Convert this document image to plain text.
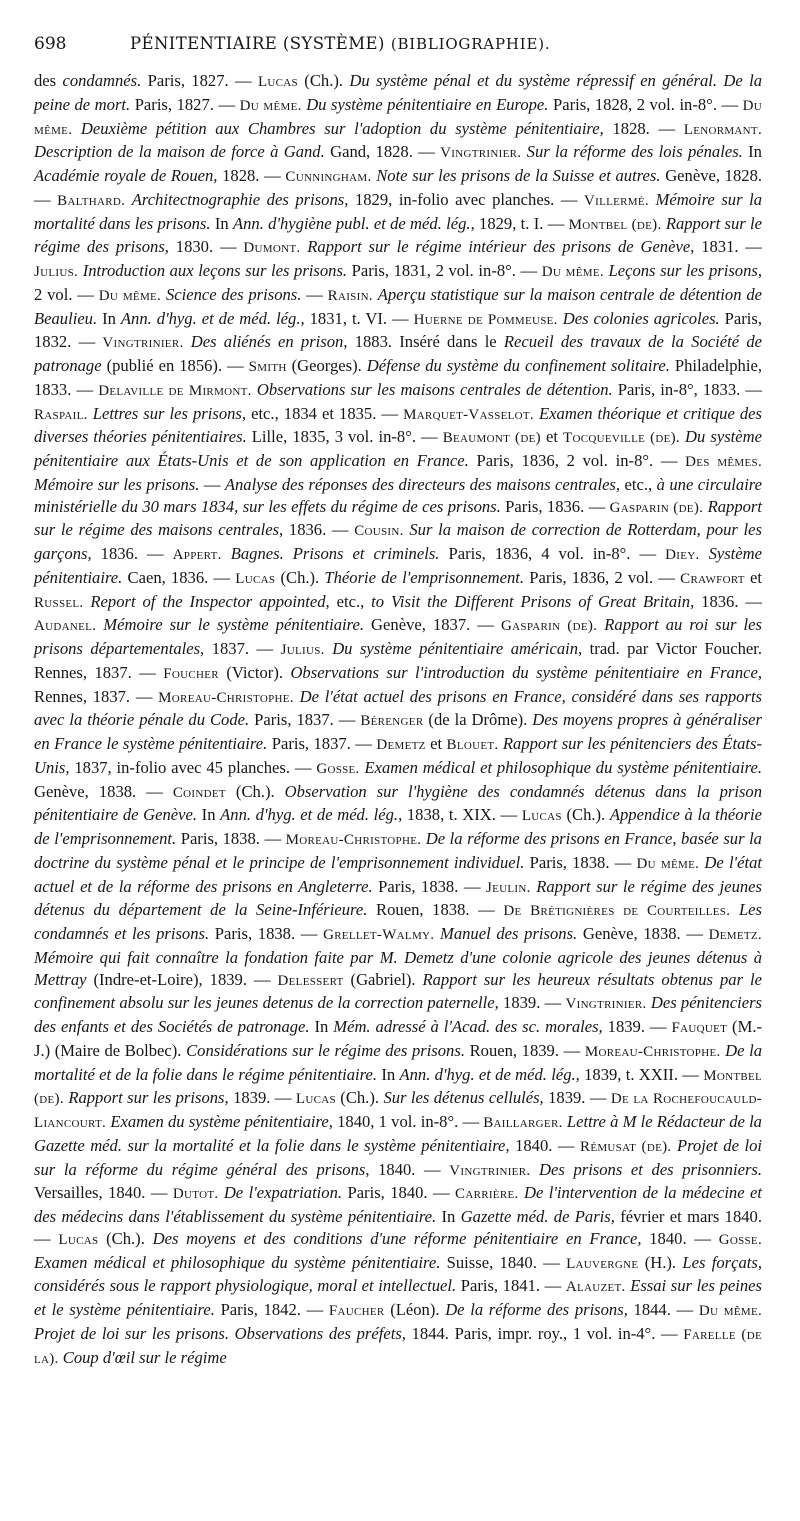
698	PÉNITENTIAIRE (SYSTÈME) (BIBLIOGRAPHIE).

des condamnés. Paris, 1827. — Lucas (Ch.). Du système pénal et du système répressif en général. De la peine de mort. Paris, 1827. — Du même. Du système pénitentiaire en Europe. Paris, 1828, 2 vol. in-8°. — Du même. Deuxième pétition aux Chambres sur l'adoption du système pénitentiaire, 1828. — Lenormant. Description de la maison de force à Gand. Gand, 1828. — Vingtrinier. Sur la réforme des lois pénales. In Académie royale de Rouen, 1828. — Cunningham. Note sur les prisons de la Suisse et autres. Genève, 1828. — Balthard. Architectnographie des prisons, 1829, in-folio avec planches. — Villermé. Mémoire sur la mortalité dans les prisons. In Ann. d'hygiène publ. et de méd. lég., 1829, t. I. — Montbel (de). Rapport sur le régime des prisons, 1830. — Dumont. Rapport sur le régime intérieur des prisons de Genève, 1831. — Julius. Introduction aux leçons sur les prisons. Paris, 1831, 2 vol. in-8°. — Du même. Leçons sur les prisons, 2 vol. — Du même. Science des prisons. — Raisin. Aperçu statistique sur la maison centrale de détention de Beaulieu. In Ann. d'hyg. et de méd. lég., 1831, t. VI. — Huerne de Pommeuse. Des colonies agricoles. Paris, 1832. — Vingtrinier. Des aliénés en prison, 1883. Inséré dans le Recueil des travaux de la Société de patronage (publié en 1856). — Smith (Georges). Défense du système du confinement solitaire. Philadelphie, 1833. — Delaville de Mirmont. Observations sur les maisons centrales de détention. Paris, in-8°, 1833. — Raspail. Lettres sur les prisons, etc., 1834 et 1835. — Marquet-Vasselot. Examen théorique et critique des diverses théories pénitentiaires. Lille, 1835, 3 vol. in-8°. — Beaumont (de) et Tocqueville (de). Du système pénitentiaire aux États-Unis et de son application en France. Paris, 1836, 2 vol. in-8°. — Des mêmes. Mémoire sur les prisons. — Analyse des réponses des directeurs des maisons centrales, etc., à une circulaire ministérielle du 30 mars 1834, sur les effets du régime de ces prisons. Paris, 1836. — Gasparin (de). Rapport sur le régime des maisons centrales, 1836. — Cousin. Sur la maison de correction de Rotterdam, pour les garçons, 1836. — Appert. Bagnes. Prisons et criminels. Paris, 1836, 4 vol. in-8°. — Diey. Système pénitentiaire. Caen, 1836. — Lucas (Ch.). Théorie de l'emprisonnement. Paris, 1836, 2 vol. — Crawfort et Russel. Report of the Inspector appointed, etc., to Visit the Different Prisons of Great Britain, 1836. — Audanel. Mémoire sur le système pénitentiaire. Genève, 1837. — Gasparin (de). Rapport au roi sur les prisons départementales, 1837. — Julius. Du système pénitentiaire américain, trad. par Victor Foucher. Rennes, 1837. — Foucher (Victor). Observations sur l'introduction du système pénitentiaire en France, Rennes, 1837. — Moreau-Christophe. De l'état actuel des prisons en France, considéré dans ses rapports avec la théorie pénale du Code. Paris, 1837. — Bérenger (de la Drôme). Des moyens propres à généraliser en France le système pénitentiaire. Paris, 1837. — Demetz et Blouet. Rapport sur les pénitenciers des États-Unis, 1837, in-folio avec 45 planches. — Gosse. Examen médical et philosophique du système pénitentiaire. Genève, 1838. — Coindet (Ch.). Observation sur l'hygiène des condamnés détenus dans la prison pénitentiaire de Genève. In Ann. d'hyg. et de méd. lég., 1838, t. XIX. — Lucas (Ch.). Appendice à la théorie de l'emprisonnement. Paris, 1838. — Moreau-Christophe. De la réforme des prisons en France, basée sur la doctrine du système pénal et le principe de l'emprisonnement individuel. Paris, 1838. — Du même. De l'état actuel et de la réforme des prisons en Angleterre. Paris, 1838. — Jeulin. Rapport sur le régime des jeunes détenus du département de la Seine-Inférieure. Rouen, 1838. — De Brétignières de Courteilles. Les condamnés et les prisons. Paris, 1838. — Grellet-Walmy. Manuel des prisons. Genève, 1838. — Demetz. Mémoire qui fait connaître la fondation faite par M. Demetz d'une colonie agricole des jeunes détenus à Mettray (Indre-et-Loire), 1839. — Delessert (Gabriel). Rapport sur les heureux résultats obtenus par le confinement absolu sur les jeunes detenus de la correction paternelle, 1839. — Vingtrinier. Des pénitenciers des enfants et des Sociétés de patronage. In Mém. adressé à l'Acad. des sc. morales, 1839. — Fauquet (M.-J.) (Maire de Bolbec). Considérations sur le régime des prisons. Rouen, 1839. — Moreau-Christophe. De la mortalité et de la folie dans le régime pénitentiaire. In Ann. d'hyg. et de méd. lég., 1839, t. XXII. — Montbel (de). Rapport sur les prisons, 1839. — Lucas (Ch.). Sur les détenus cellulés, 1839. — De la Rochefoucauld-Liancourt. Examen du système pénitentiaire, 1840, 1 vol. in-8°. — Baillarger. Lettre à M le Rédacteur de la Gazette méd. sur la mortalité et la folie dans le système pénitentiaire, 1840. — Rémusat (de). Projet de loi sur la réforme du régime général des prisons, 1840. — Vingtrinier. Des prisons et des prisonniers. Versailles, 1840. — Dutot. De l'expatriation. Paris, 1840. — Carrière. De l'intervention de la médecine et des médecins dans l'établissement du système pénitentiaire. In Gazette méd. de Paris, février et mars 1840. — Lucas (Ch.). Des moyens et des conditions d'une réforme pénitentiaire en France, 1840. — Gosse. Examen médical et philosophique du système pénitentiaire. Suisse, 1840. — Lauvergne (H.). Les forçats, considérés sous le rapport physiologique, moral et intellectuel. Paris, 1841. — Alauzet. Essai sur les peines et le système pénitentiaire. Paris, 1842. — Faucher (Léon). De la réforme des prisons, 1844. — Du même. Projet de loi sur les prisons. Observations des préfets, 1844. Paris, impr. roy., 1 vol. in-4°. — Farelle (de la). Coup d'œil sur le régime
